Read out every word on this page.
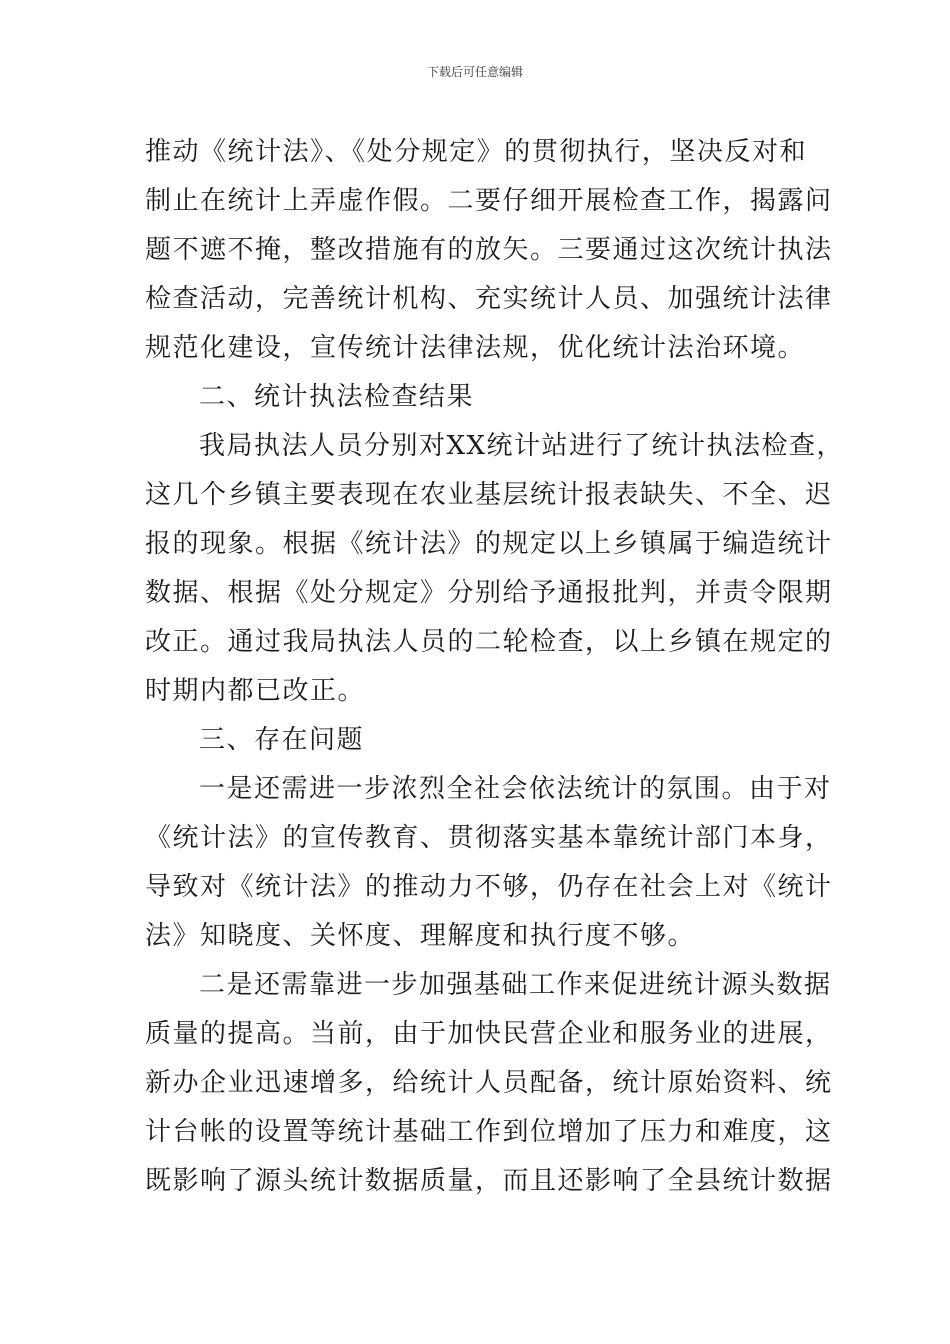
下载后可任意编辑
推动《统计法》、《处分规定》的贯彻执行，坚决反对和
制止在统计上弄虚作假。二要仔细开展检查工作，揭露问
题不遮不掩，整改措施有的放矢。三要通过这次统计执法
检查活动，完善统计机构、充实统计人员、加强统计法律
规范化建设，宣传统计法律法规，优化统计法治环境。
二、统计执法检查结果
我局执法人员分别对XX统计站进行了统计执法检查，
这几个乡镇主要表现在农业基层统计报表缺失、不全、迟
报的现象。根据《统计法》的规定以上乡镇属于编造统计
数据、根据《处分规定》分别给予通报批判，并责令限期
改正。通过我局执法人员的二轮检查，以上乡镇在规定的
时期内都已改正。
三、存在问题
一是还需进一步浓烈全社会依法统计的氛围。由于对
《统计法》的宣传教育、贯彻落实基本靠统计部门本身，
导致对《统计法》的推动力不够，仍存在社会上对《统计
法》知晓度、关怀度、理解度和执行度不够。
二是还需靠进一步加强基础工作来促进统计源头数据
质量的提高。当前，由于加快民营企业和服务业的进展，
新办企业迅速增多，给统计人员配备，统计原始资料、统
计台帐的设置等统计基础工作到位增加了压力和难度，这
既影响了源头统计数据质量，而且还影响了全县统计数据
